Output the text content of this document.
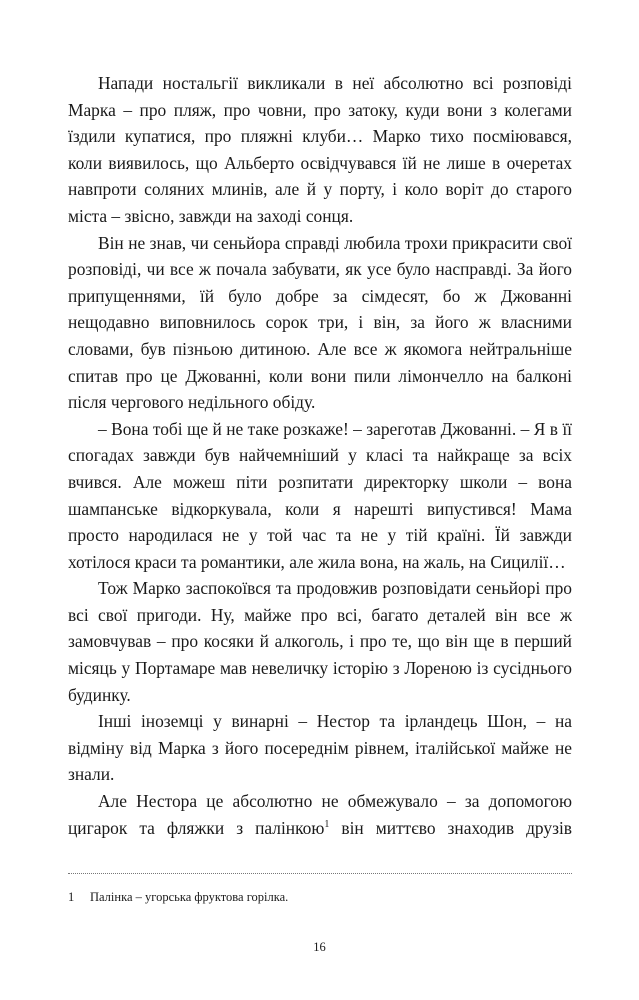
Напади ностальгії викликали в неї абсолютно всі розповіді Марка – про пляж, про човни, про затоку, куди вони з колегами їздили купатися, про пляжні клуби… Марко тихо посміювався, коли виявилось, що Альберто освідчувався їй не лише в очеретах навпроти соляних млинів, але й у порту, і коло воріт до старого міста – звісно, завжди на заході сонця.

Він не знав, чи сеньйора справді любила трохи прикрасити свої розповіді, чи все ж почала забувати, як усе було насправді. За його припущеннями, їй було добре за сімдесят, бо ж Джованні нещодавно виповнилось сорок три, і він, за його ж власними словами, був пізньою дитиною. Але все ж якомога нейтральніше спитав про це Джованні, коли вони пили лімончелло на балконі після чергового недільного обіду.

– Вона тобі ще й не таке розкаже! – зареготав Джованні. – Я в її спогадах завжди був найчемніший у класі та найкраще за всіх вчився. Але можеш піти розпитати директорку школи – вона шампанське відкоркувала, коли я нарешті випустився! Мама просто народилася не у той час та не у тій країні. Їй завжди хотілося краси та романтики, але жила вона, на жаль, на Сицилії…

Тож Марко заспокоївся та продовжив розповідати сеньйорі про всі свої пригоди. Ну, майже про всі, багато деталей він все ж замовчував – про косяки й алкоголь, і про те, що він ще в перший місяць у Портамаре мав невеличку історію з Лореною із сусіднього будинку.

Інші іноземці у винарні – Нестор та ірландець Шон, – на відміну від Марка з його посереднім рівнем, італійської майже не знали.

Але Нестора це абсолютно не обмежувало – за допомогою цигарок та фляжки з палінкою$^1$ він миттєво знаходив друзів

1 Палінка – угорська фруктова горілка.
16
